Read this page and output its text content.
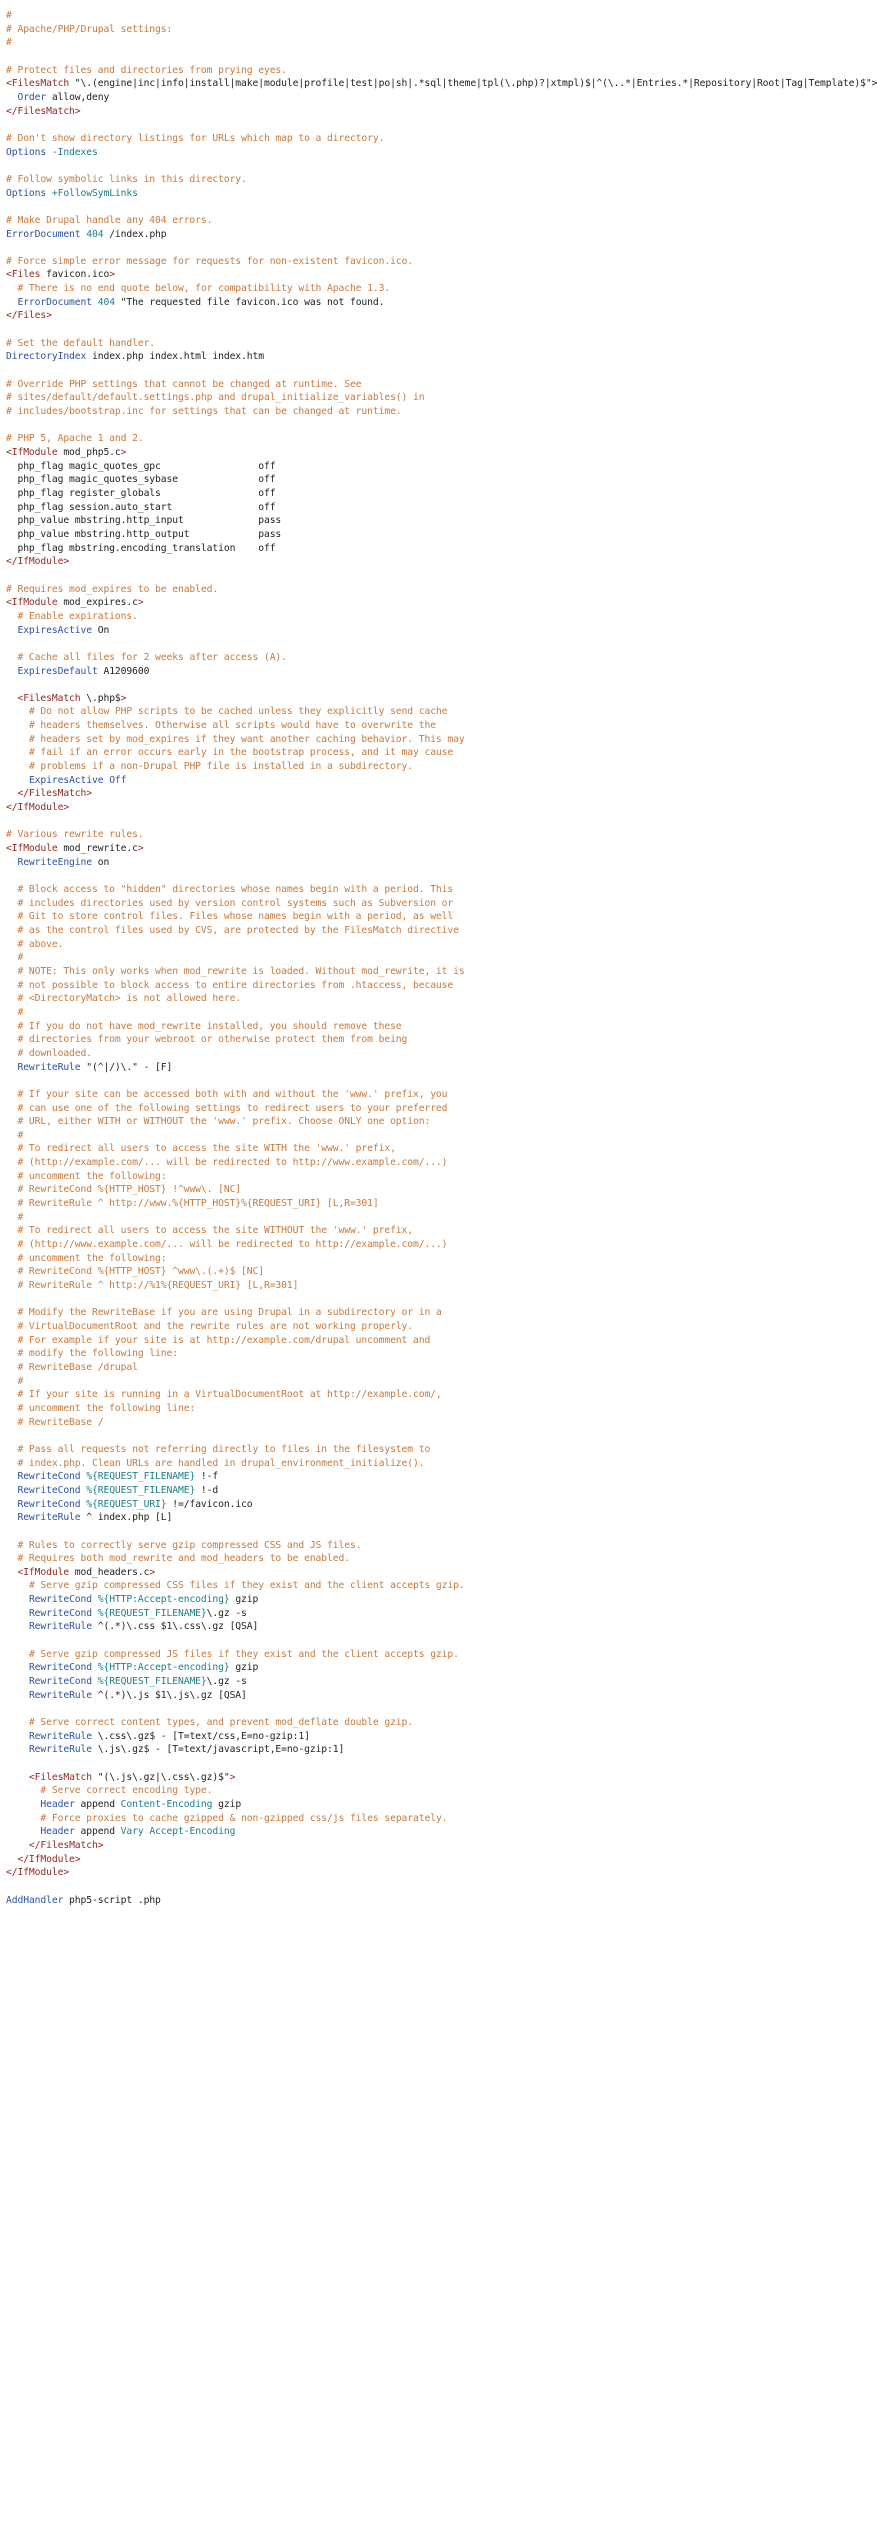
#
# Apache/PHP/Drupal settings:
#

# Protect files and directories from prying eyes.
<FilesMatch "\.(engine|inc|info|install|make|module|profile|test|po|sh|.*sql|theme|tpl(\.php)?|xtmpl)$|^(\..*|Entries.*|Repository|Root|Tag|Template)$">
Order allow,deny
</FilesMatch>

# Don't show directory listings for URLs which map to a directory.
Options -Indexes

# Follow symbolic links in this directory.
Options +FollowSymLinks

# Make Drupal handle any 404 errors.
ErrorDocument 404 /index.php

# Force simple error message for requests for non-existent favicon.ico.
<Files favicon.ico>
# There is no end quote below, for compatibility with Apache 1.3.
ErrorDocument 404 "The requested file favicon.ico was not found.
</Files>

# Set the default handler.
DirectoryIndex index.php index.html index.htm

# Override PHP settings that cannot be changed at runtime. See
# sites/default/default.settings.php and drupal_initialize_variables() in
# includes/bootstrap.inc for settings that can be changed at runtime.

# PHP 5, Apache 1 and 2.
<IfModule mod_php5.c>
php_flag magic_quotes_gpc                 off
php_flag magic_quotes_sybase              off
php_flag register_globals                 off
php_flag session.auto_start               off
php_value mbstring.http_input             pass
php_value mbstring.http_output            pass
php_flag mbstring.encoding_translation    off
</IfModule>

# Requires mod_expires to be enabled.
<IfModule mod_expires.c>
# Enable expirations.
ExpiresActive On

# Cache all files for 2 weeks after access (A).
ExpiresDefault A1209600

<FilesMatch \.php$>
# Do not allow PHP scripts to be cached unless they explicitly send cache
# headers themselves. Otherwise all scripts would have to overwrite the
# headers set by mod_expires if they want another caching behavior. This may
# fail if an error occurs early in the bootstrap process, and it may cause
# problems if a non-Drupal PHP file is installed in a subdirectory.
ExpiresActive Off
</FilesMatch>
</IfModule>

# Various rewrite rules.
<IfModule mod_rewrite.c>
RewriteEngine on

# Block access to "hidden" directories whose names begin with a period. This
# includes directories used by version control systems such as Subversion or
# Git to store control files. Files whose names begin with a period, as well
# as the control files used by CVS, are protected by the FilesMatch directive
# above.
#
# NOTE: This only works when mod_rewrite is loaded. Without mod_rewrite, it is
# not possible to block access to entire directories from .htaccess, because
# <DirectoryMatch> is not allowed here.
#
# If you do not have mod_rewrite installed, you should remove these
# directories from your webroot or otherwise protect them from being
# downloaded.
RewriteRule "(^|/)\." - [F]

# If your site can be accessed both with and without the 'www.' prefix, you
# can use one of the following settings to redirect users to your preferred
# URL, either WITH or WITHOUT the 'www.' prefix. Choose ONLY one option:
#
# To redirect all users to access the site WITH the 'www.' prefix,
# (http://example.com/... will be redirected to http://www.example.com/...)
# uncomment the following:
# RewriteCond %{HTTP_HOST} !^www\. [NC]
# RewriteRule ^ http://www.%{HTTP_HOST}%{REQUEST_URI} [L,R=301]
#
# To redirect all users to access the site WITHOUT the 'www.' prefix,
# (http://www.example.com/... will be redirected to http://example.com/...)
# uncomment the following:
# RewriteCond %{HTTP_HOST} ^www\.(.+)$ [NC]
# RewriteRule ^ http://%1%{REQUEST_URI} [L,R=301]

# Modify the RewriteBase if you are using Drupal in a subdirectory or in a
# VirtualDocumentRoot and the rewrite rules are not working properly.
# For example if your site is at http://example.com/drupal uncomment and
# modify the following line:
# RewriteBase /drupal
#
# If your site is running in a VirtualDocumentRoot at http://example.com/,
# uncomment the following line:
# RewriteBase /

# Pass all requests not referring directly to files in the filesystem to
# index.php. Clean URLs are handled in drupal_environment_initialize().
RewriteCond %{REQUEST_FILENAME} !-f
RewriteCond %{REQUEST_FILENAME} !-d
RewriteCond %{REQUEST_URI} !=/favicon.ico
RewriteRule ^ index.php [L]

# Rules to correctly serve gzip compressed CSS and JS files.
# Requires both mod_rewrite and mod_headers to be enabled.
<IfModule mod_headers.c>
# Serve gzip compressed CSS files if they exist and the client accepts gzip.
RewriteCond %{HTTP:Accept-encoding} gzip
RewriteCond %{REQUEST_FILENAME}\.gz -s
RewriteRule ^(.*)\.css $1\.css\.gz [QSA]

# Serve gzip compressed JS files if they exist and the client accepts gzip.
RewriteCond %{HTTP:Accept-encoding} gzip
RewriteCond %{REQUEST_FILENAME}\.gz -s
RewriteRule ^(.*)\.js $1\.js\.gz [QSA]

# Serve correct content types, and prevent mod_deflate double gzip.
RewriteRule \.css\.gz$ - [T=text/css,E=no-gzip:1]
RewriteRule \.js\.gz$ - [T=text/javascript,E=no-gzip:1]

<FilesMatch "(\.js\.gz|\.css\.gz)$">
# Serve correct encoding type.
Header append Content-Encoding gzip
# Force proxies to cache gzipped & non-gzipped css/js files separately.
Header append Vary Accept-Encoding
</FilesMatch>
</IfModule>
</IfModule>

AddHandler php5-script .php
